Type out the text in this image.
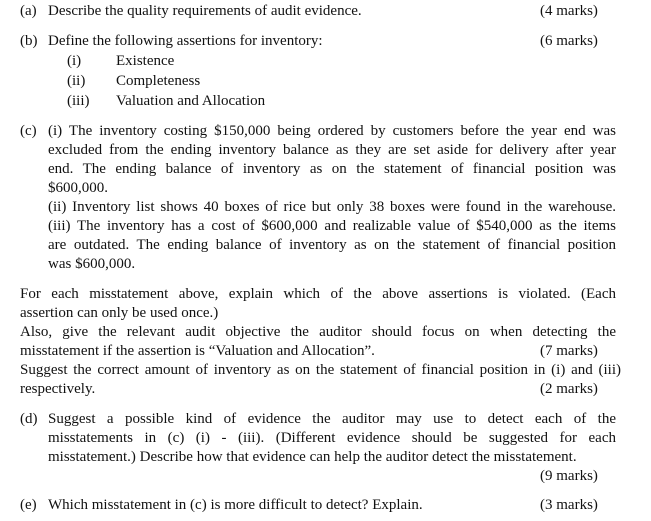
(a) Describe the quality requirements of audit evidence.	(4 marks)
(b) Define the following assertions for inventory:	(6 marks)
(i) Existence
(ii) Completeness
(iii) Valuation and Allocation
(c) (i) The inventory costing $150,000 being ordered by customers before the year end was
excluded from the ending inventory balance as they are set aside for delivery after year
end. The ending balance of inventory as on the statement of financial position was
$600,000.
(ii) Inventory list shows 40 boxes of rice but only 38 boxes were found in the warehouse.
(iii) The inventory has a cost of $600,000 and realizable value of $540,000 as the items
are outdated. The ending balance of inventory as on the statement of financial position
was $600,000.
For each misstatement above, explain which of the above assertions is violated. (Each
assertion can only be used once.)
Also, give the relevant audit objective the auditor should focus on when detecting the
misstatement if the assertion is “Valuation and Allocation”.	(7 marks)
Suggest the correct amount of inventory as on the statement of financial position in (i) and (iii)
respectively.	(2 marks)
(d) Suggest a possible kind of evidence the auditor may use to detect each of the
misstatements in (c) (i) - (iii). (Different evidence should be suggested for each
misstatement.) Describe how that evidence can help the auditor detect the misstatement.
(9 marks)
(e) Which misstatement in (c) is more difficult to detect? Explain.	(3 marks)
